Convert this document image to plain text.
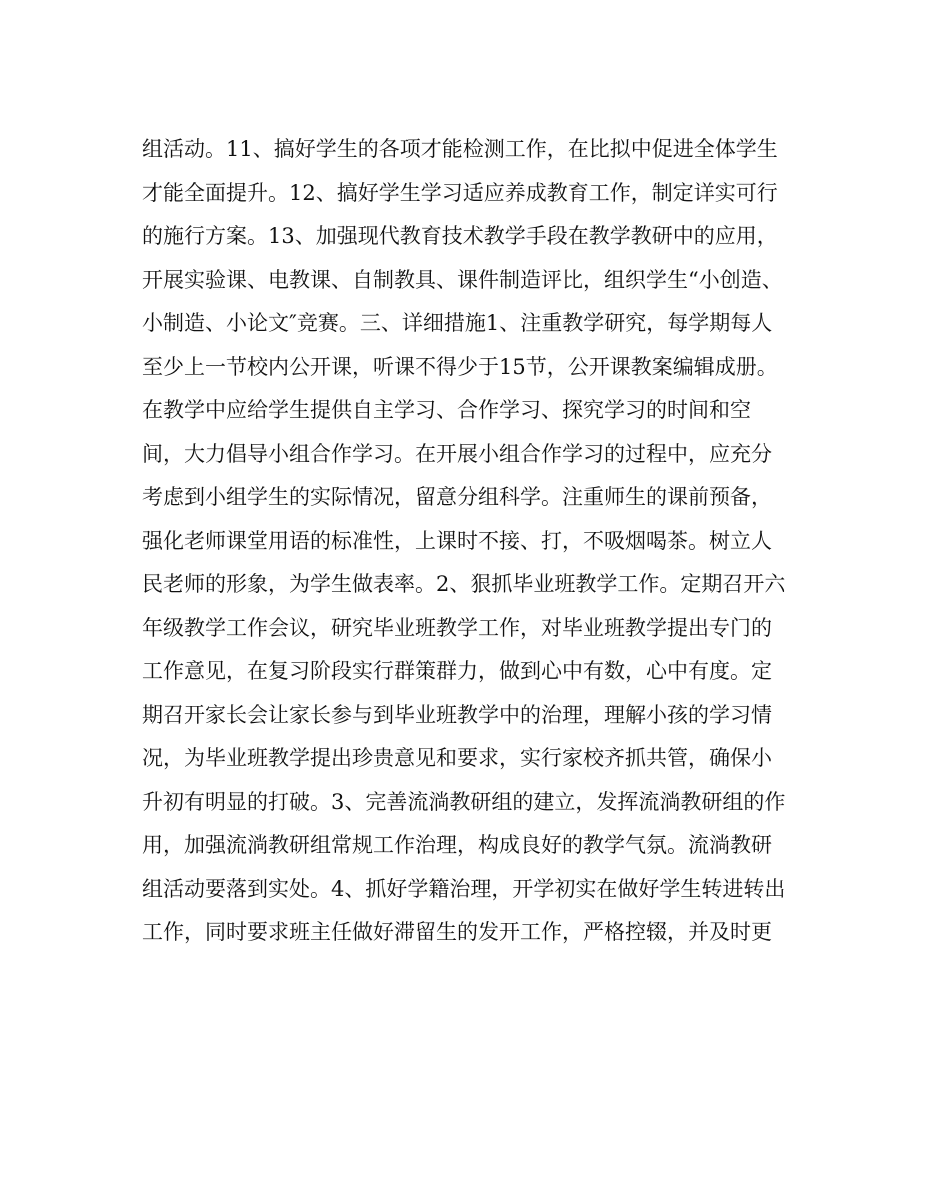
组活动。11、搞好学生的各项才能检测工作，在比拟中促进全体学生
才能全面提升。12、搞好学生学习适应养成教育工作，制定详实可行
的施行方案。13、加强现代教育技术教学手段在教学教研中的应用，
开展实验课、电教课、自制教具、课件制造评比，组织学生“小创造、
小制造、小论文″竞赛。三、详细措施1、注重教学研究，每学期每人
至少上一节校内公开课，听课不得少于15节，公开课教案编辑成册。
在教学中应给学生提供自主学习、合作学习、探究学习的时间和空
间，大力倡导小组合作学习。在开展小组合作学习的过程中，应充分
考虑到小组学生的实际情况，留意分组科学。注重师生的课前预备，
强化老师课堂用语的标准性，上课时不接、打，不吸烟喝茶。树立人
民老师的形象，为学生做表率。2、狠抓毕业班教学工作。定期召开六
年级教学工作会议，研究毕业班教学工作，对毕业班教学提出专门的
工作意见，在复习阶段实行群策群力，做到心中有数，心中有度。定
期召开家长会让家长参与到毕业班教学中的治理，理解小孩的学习情
况，为毕业班教学提出珍贵意见和要求，实行家校齐抓共管，确保小
升初有明显的打破。3、完善流淌教研组的建立，发挥流淌教研组的作
用，加强流淌教研组常规工作治理，构成良好的教学气氛。流淌教研
组活动要落到实处。4、抓好学籍治理，开学初实在做好学生转进转出
工作，同时要求班主任做好滞留生的发开工作，严格控辍，并及时更
